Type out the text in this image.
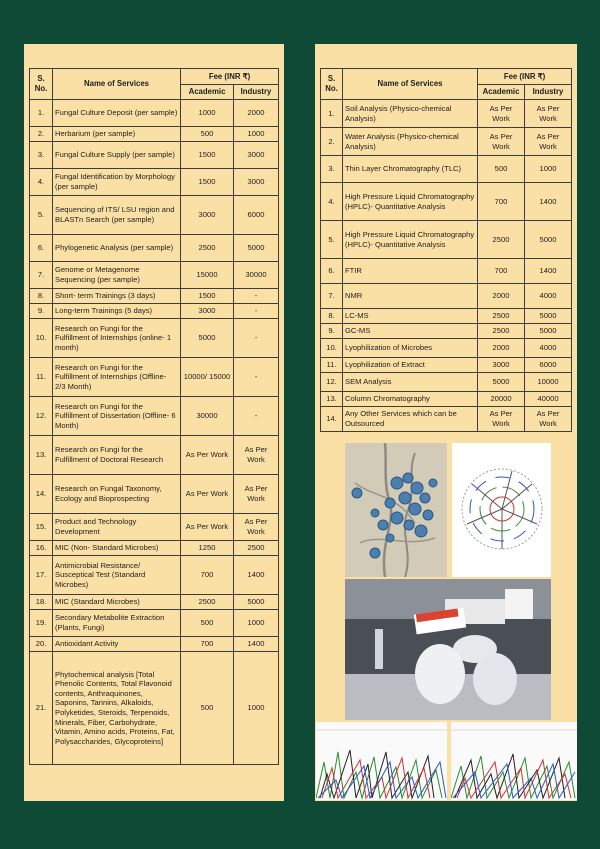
S. No.	Name of Services	Fee (INR ₹)	
		Academic	Industry
1.	Fungal Culture Deposit (per sample)	1000	2000
2.	Herbarium (per sample)	500	1000
3.	Fungal Culture Supply (per sample)	1500	3000
4.	Fungal Identification by Morphology (per sample)	1500	3000
5.	Sequencing of ITS/ LSU region and BLASTn Search (per sample)	3000	6000
6.	Phylogenetic Analysis (per sample)	2500	5000
7.	Genome or Metagenome Sequencing (per sample)	15000	30000
8.	Short- term Trainings (3 days)	1500	-
9.	Long-term Trainings (5 days)	3000	-
10.	Research on Fungi for the Fulfillment of Internships (online- 1 month)	5000	-
11.	Research on Fungi for the Fulfillment of Internships (Offline- 2/3 Month)	10000/ 15000	-
12.	Research on Fungi for the Fulfillment of Dissertation (Offline- 6 Month)	30000	-
13.	Research on Fungi for the Fulfillment of Doctoral Research	As Per Work	As Per Work
14.	Research on Fungal Taxonomy, Ecology and Bioprospecting	As Per Work	As Per Work
15.	Product and Technology Development	As Per Work	As Per Work
16.	MIC (Non- Standard Microbes)	1250	2500
17.	Antimicrobial Resistance/ Susceptical Test (Standard Microbes)	700	1400
18.	MIC (Standard Microbes)	2500	5000
19.	Secondary Metabolite Extraction (Plants, Fungi)	500	1000
20.	Antioxidant Activity	700	1400
21.	Phytochemical analysis [Total Phenolic Contents, Total Flavonoid contents, Anthraquinones, Saponins, Tannins, Alkaloids, Polyketides, Steroids, Terpenoids, Minerals, Fiber, Carbohydrate, Vitamin, Amino acids, Proteins, Fat, Polysaccharides, Glycoproteins]	500	1000
S. No.	Name of Services	Fee (INR ₹)	
		Academic	Industry
1.	Soil Analysis (Physico-chemical Analysis)	As Per Work	As Per Work
2.	Water Analysis (Physico-chemical Analysis)	As Per Work	As Per Work
3.	Thin Layer Chromatography (TLC)	500	1000
4.	High Pressure Liquid Chromatography (HPLC)- Quantitative Analysis	700	1400
5.	High Pressure Liquid Chromatography (HPLC)- Quantitative Analysis	2500	5000
6.	FTIR	700	1400
7.	NMR	2000	4000
8.	LC-MS	2500	5000
9.	GC-MS	2500	5000
10.	Lyophilization of Microbes	2000	4000
11.	Lyophilization of Extract	3000	6000
12.	SEM Analysis	5000	10000
13.	Column Chromatography	20000	40000
14.	Any Other Services which can be Outsourced	As Per Work	As Per Work
